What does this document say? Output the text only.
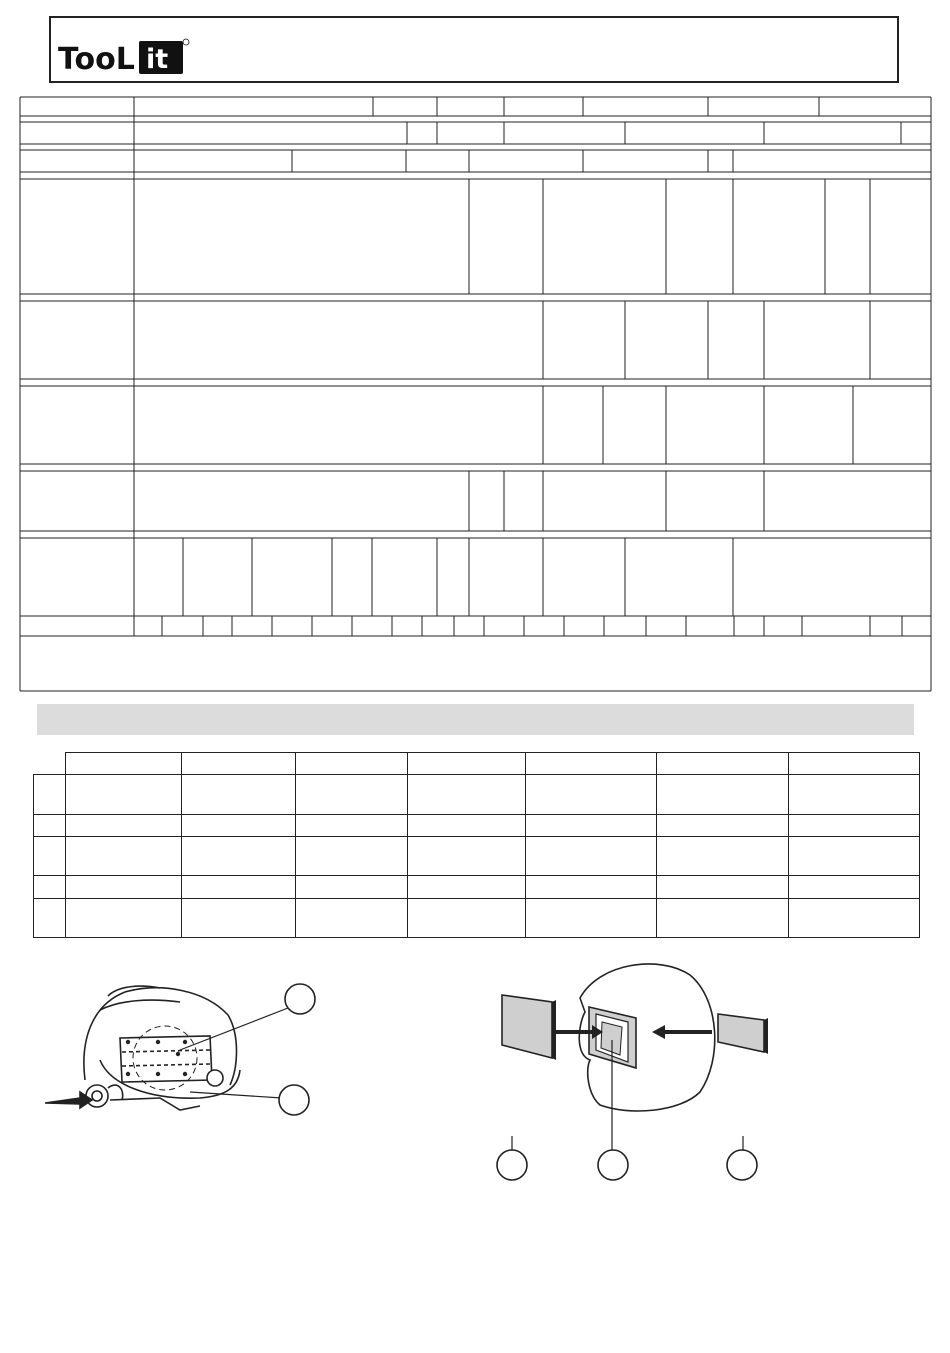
TooL it
